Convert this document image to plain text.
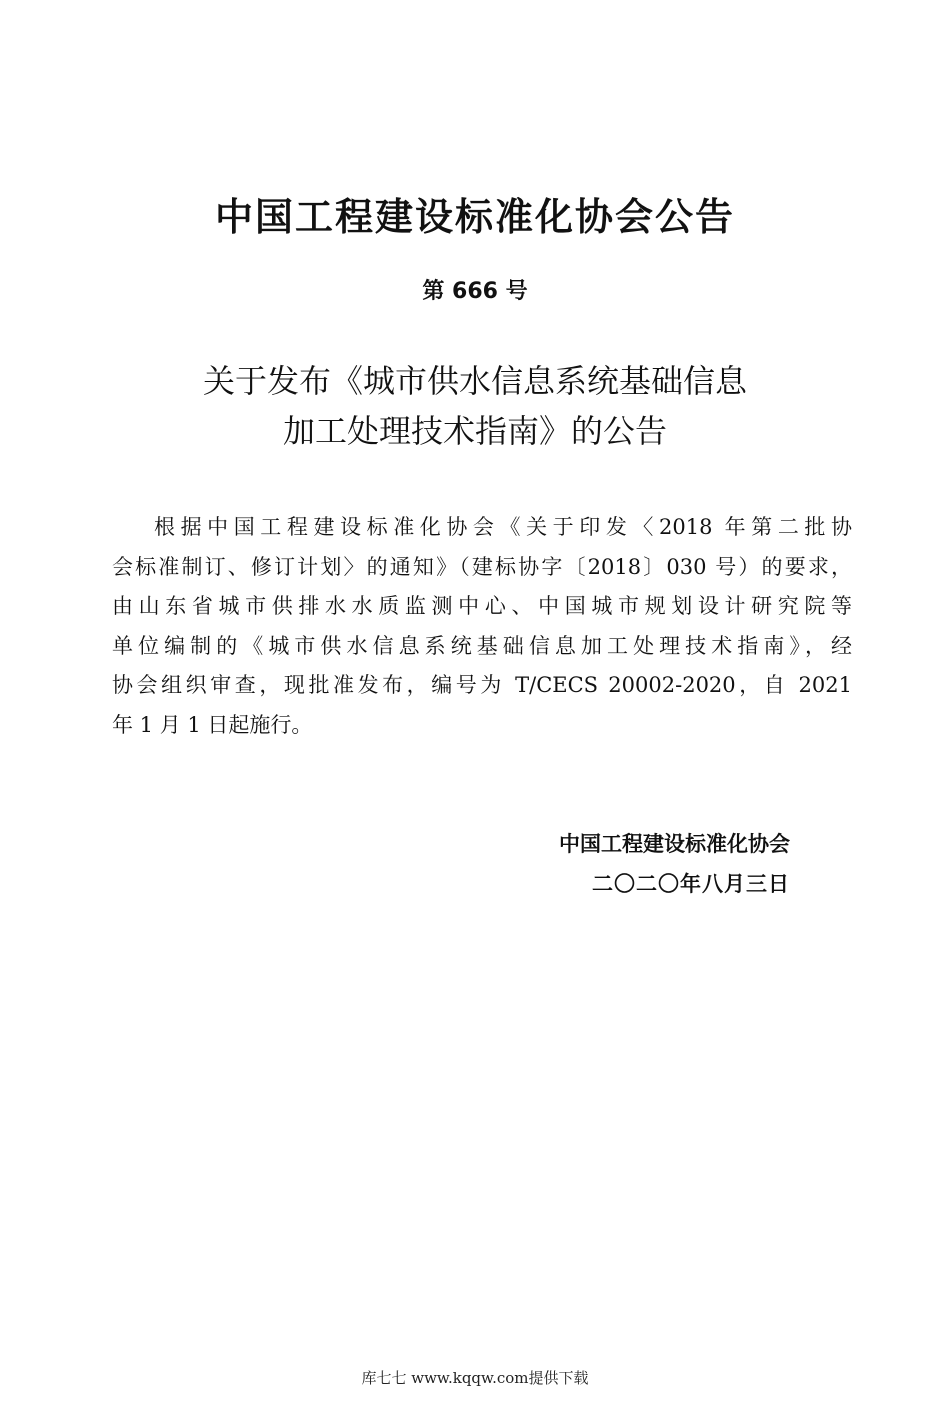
中国工程建设标准化协会公告
第 666 号
关于发布《城市供水信息系统基础信息
加工处理技术指南》的公告
根据中国工程建设标准化协会《关于印发〈2018 年第二批协
会标准制订、修订计划〉的通知》（建标协字〔2018〕030 号）的要求，
由山东省城市供排水水质监测中心、中国城市规划设计研究院等
单位编制的《城市供水信息系统基础信息加工处理技术指南》，经
协会组织审查，现批准发布，编号为 T/CECS 20002-2020，自 2021
年 1 月 1 日起施行。
中国工程建设标准化协会
二〇二〇年八月三日
库七七 www.kqqw.com提供下载
